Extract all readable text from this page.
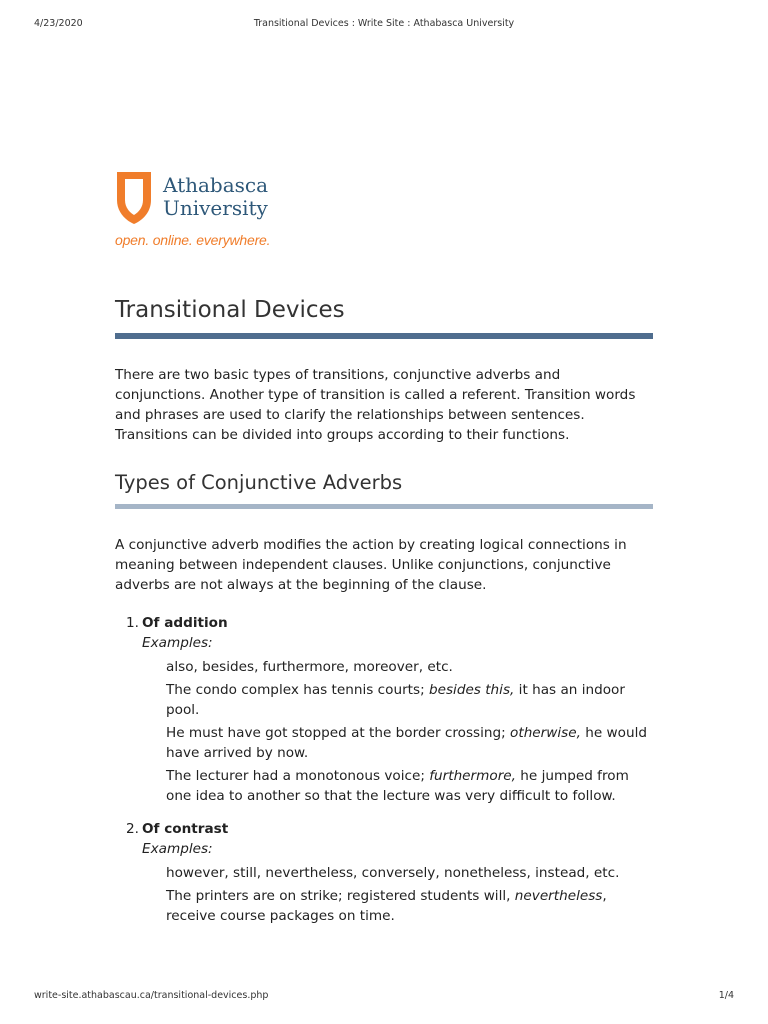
4/23/2020	Transitional Devices : Write Site : Athabasca University
Athabasca
University
open. online. everywhere.
Transitional Devices

There are two basic types of transitions, conjunctive adverbs and conjunctions. Another type of transition is called a referent. Transition words and phrases are used to clarify the relationships between sentences. Transitions can be divided into groups according to their functions.

Types of Conjunctive Adverbs

A conjunctive adverb modifies the action by creating logical connections in meaning between independent clauses. Unlike conjunctions, conjunctive adverbs are not always at the beginning of the clause.

1. Of addition
Examples:
also, besides, furthermore, moreover, etc.
The condo complex has tennis courts; besides this, it has an indoor pool.
He must have got stopped at the border crossing; otherwise, he would have arrived by now.
The lecturer had a monotonous voice; furthermore, he jumped from one idea to another so that the lecture was very difficult to follow.
2. Of contrast
Examples:
however, still, nevertheless, conversely, nonetheless, instead, etc.
The printers are on strike; registered students will, nevertheless, receive course packages on time.
write-site.athabascau.ca/transitional-devices.php	1/4
